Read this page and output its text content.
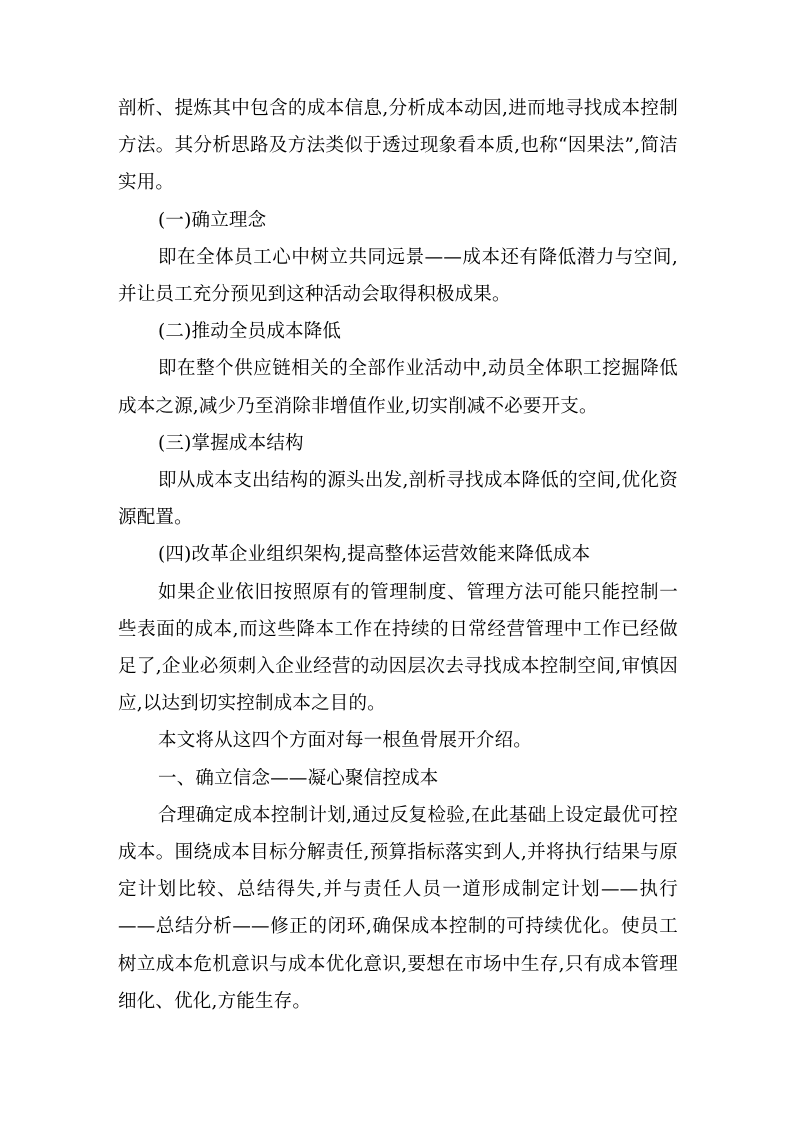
剖析、提炼其中包含的成本信息,分析成本动因,进而地寻找成本控制方法。其分析思路及方法类似于透过现象看本质,也称“因果法”,简洁实用。

(一)确立理念

即在全体员工心中树立共同远景——成本还有降低潜力与空间,并让员工充分预见到这种活动会取得积极成果。

(二)推动全员成本降低

即在整个供应链相关的全部作业活动中,动员全体职工挖掘降低成本之源,减少乃至消除非增值作业,切实削减不必要开支。

(三)掌握成本结构

即从成本支出结构的源头出发,剖析寻找成本降低的空间,优化资源配置。

(四)改革企业组织架构,提高整体运营效能来降低成本

如果企业依旧按照原有的管理制度、管理方法可能只能控制一些表面的成本,而这些降本工作在持续的日常经营管理中工作已经做足了,企业必须刺入企业经营的动因层次去寻找成本控制空间,审慎因应,以达到切实控制成本之目的。

本文将从这四个方面对每一根鱼骨展开介绍。

一、确立信念——凝心聚信控成本

合理确定成本控制计划,通过反复检验,在此基础上设定最优可控成本。围绕成本目标分解责任,预算指标落实到人,并将执行结果与原定计划比较、总结得失,并与责任人员一道形成制定计划——执行——总结分析——修正的闭环,确保成本控制的可持续优化。使员工树立成本危机意识与成本优化意识,要想在市场中生存,只有成本管理细化、优化,方能生存。
